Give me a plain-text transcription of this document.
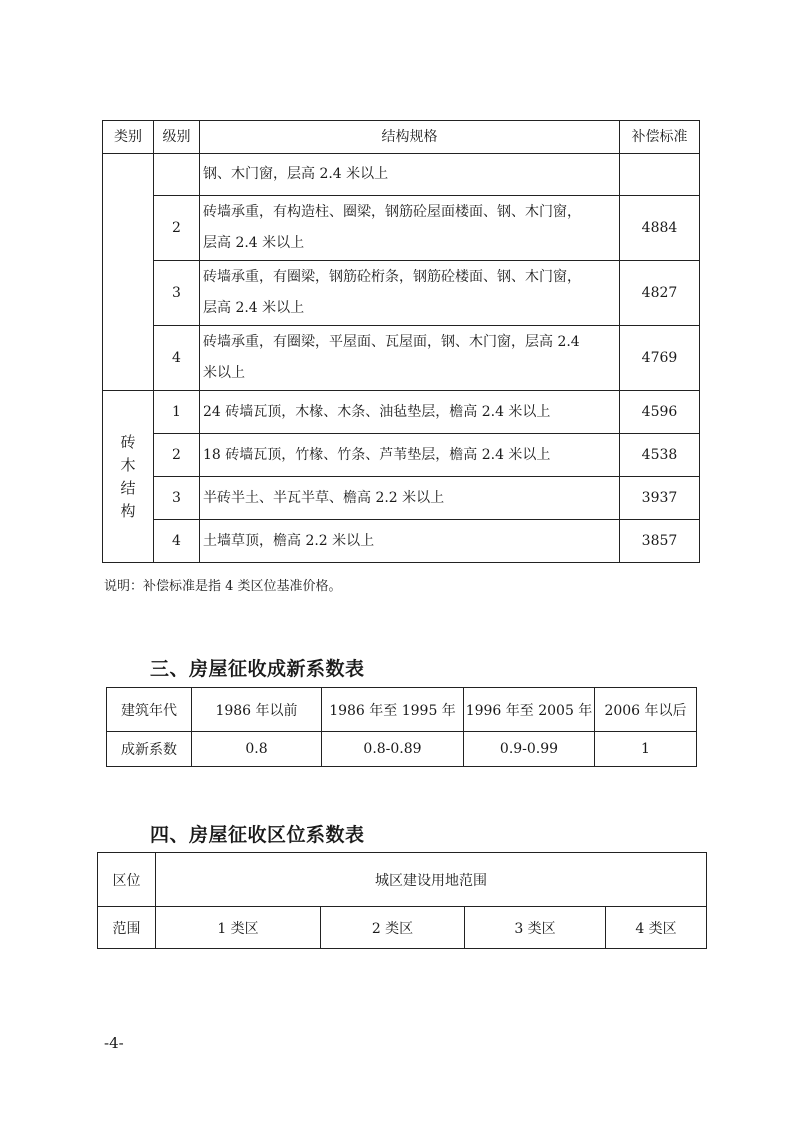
类别	级别	结构规格	补偿标准

		钢、木门窗，层高 2.4 米以上	

	2	砖墙承重，有构造柱、圈梁，钢筋砼屋面楼面、钢、木门窗，
层高 2.4 米以上	4884
	3	砖墙承重，有圈梁，钢筋砼桁条，钢筋砼楼面、钢、木门窗，
层高 2.4 米以上	4827
	4	砖墙承重，有圈梁，平屋面、瓦屋面，钢、木门窗，层高 2.4
米以上	4769

砖木结构	1	24 砖墙瓦顶，木椽、木条、油毡垫层，檐高 2.4 米以上	4596
	2	18 砖墙瓦顶，竹椽、竹条、芦苇垫层，檐高 2.4 米以上	4538
	3	半砖半土、半瓦半草、檐高 2.2 米以上	3937
	4	土墙草顶，檐高 2.2 米以上	3857
说明：补偿标准是指 4 类区位基准价格。
三、房屋征收成新系数表
建筑年代	1986 年以前	1986 年至 1995 年	1996 年至 2005 年	2006 年以后
成新系数	0.8	0.8-0.89	0.9-0.99	1
四、房屋征收区位系数表
区位	城区建设用地范围			
范围	1 类区	2 类区	3 类区	4 类区
-4-
